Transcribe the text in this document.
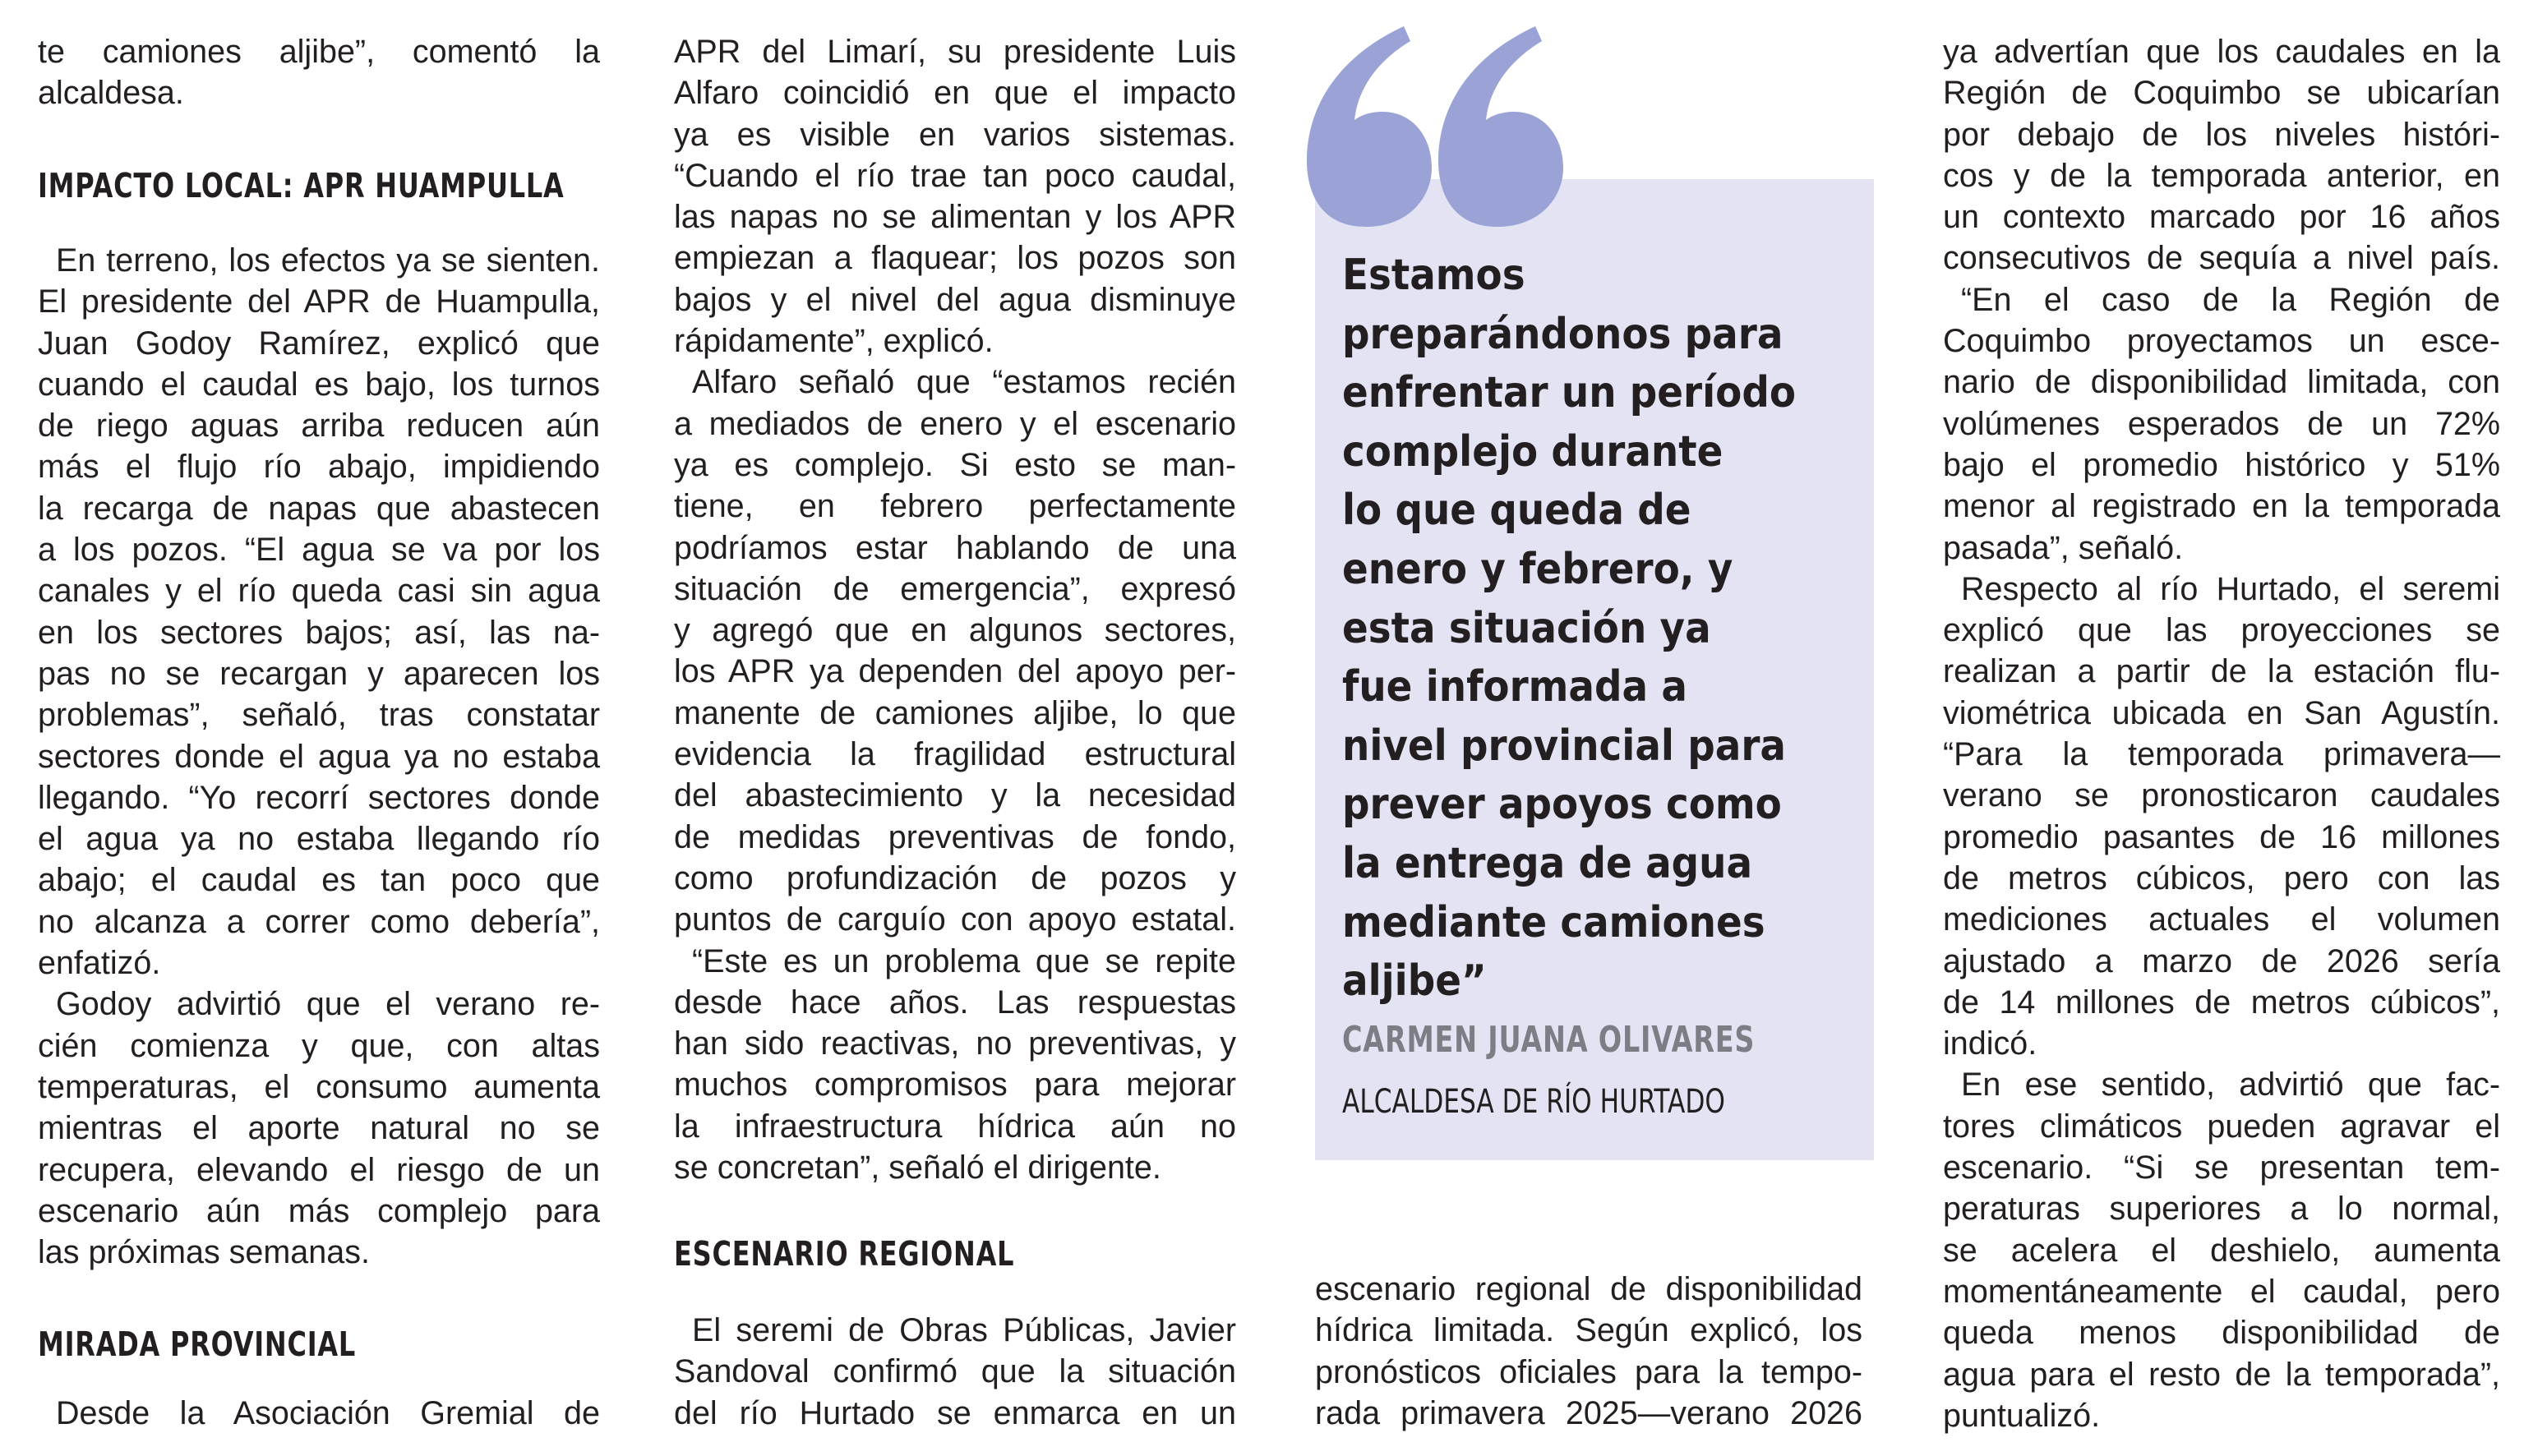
te camiones aljibe”, comentó la
alcaldesa.
IMPACTO LOCAL: APR HUAMPULLA
En terreno, los efectos ya se sienten.
El presidente del APR de Huampulla,
Juan Godoy Ramírez, explicó que
cuando el caudal es bajo, los turnos
de riego aguas arriba reducen aún
más el flujo río abajo, impidiendo
la recarga de napas que abastecen
a los pozos. “El agua se va por los
canales y el río queda casi sin agua
en los sectores bajos; así, las na-
pas no se recargan y aparecen los
problemas”, señaló, tras constatar
sectores donde el agua ya no estaba
llegando. “Yo recorrí sectores donde
el agua ya no estaba llegando río
abajo; el caudal es tan poco que
no alcanza a correr como debería”,
enfatizó.
Godoy advirtió que el verano re-
cién comienza y que, con altas
temperaturas, el consumo aumenta
mientras el aporte natural no se
recupera, elevando el riesgo de un
escenario aún más complejo para
las próximas semanas.
MIRADA PROVINCIAL
Desde la Asociación Gremial de
APR del Limarí, su presidente Luis
Alfaro coincidió en que el impacto
ya es visible en varios sistemas.
“Cuando el río trae tan poco caudal,
las napas no se alimentan y los APR
empiezan a flaquear; los pozos son
bajos y el nivel del agua disminuye
rápidamente”, explicó.
Alfaro señaló que “estamos recién
a mediados de enero y el escenario
ya es complejo. Si esto se man-
tiene, en febrero perfectamente
podríamos estar hablando de una
situación de emergencia”, expresó
y agregó que en algunos sectores,
los APR ya dependen del apoyo per-
manente de camiones aljibe, lo que
evidencia la fragilidad estructural
del abastecimiento y la necesidad
de medidas preventivas de fondo,
como profundización de pozos y
puntos de carguío con apoyo estatal.
“Este es un problema que se repite
desde hace años. Las respuestas
han sido reactivas, no preventivas, y
muchos compromisos para mejorar
la infraestructura hídrica aún no
se concretan”, señaló el dirigente.
ESCENARIO REGIONAL
El seremi de Obras Públicas, Javier
Sandoval confirmó que la situación
del río Hurtado se enmarca en un
Estamos
preparándonos para
enfrentar un período
complejo durante
lo que queda de
enero y febrero, y
esta situación ya
fue informada a
nivel provincial para
prever apoyos como
la entrega de agua
mediante camiones
aljibe”
CARMEN JUANA OLIVARES
ALCALDESA DE RÍO HURTADO
escenario regional de disponibilidad
hídrica limitada. Según explicó, los
pronósticos oficiales para la tempo-
rada primavera 2025—verano 2026
ya advertían que los caudales en la
Región de Coquimbo se ubicarían
por debajo de los niveles históri-
cos y de la temporada anterior, en
un contexto marcado por 16 años
consecutivos de sequía a nivel país.
“En el caso de la Región de
Coquimbo proyectamos un esce-
nario de disponibilidad limitada, con
volúmenes esperados de un 72%
bajo el promedio histórico y 51%
menor al registrado en la temporada
pasada”, señaló.
Respecto al río Hurtado, el seremi
explicó que las proyecciones se
realizan a partir de la estación flu-
viométrica ubicada en San Agustín.
“Para la temporada primavera—
verano se pronosticaron caudales
promedio pasantes de 16 millones
de metros cúbicos, pero con las
mediciones actuales el volumen
ajustado a marzo de 2026 sería
de 14 millones de metros cúbicos”,
indicó.
En ese sentido, advirtió que fac-
tores climáticos pueden agravar el
escenario. “Si se presentan tem-
peraturas superiores a lo normal,
se acelera el deshielo, aumenta
momentáneamente el caudal, pero
queda menos disponibilidad de
agua para el resto de la temporada”,
puntualizó.
